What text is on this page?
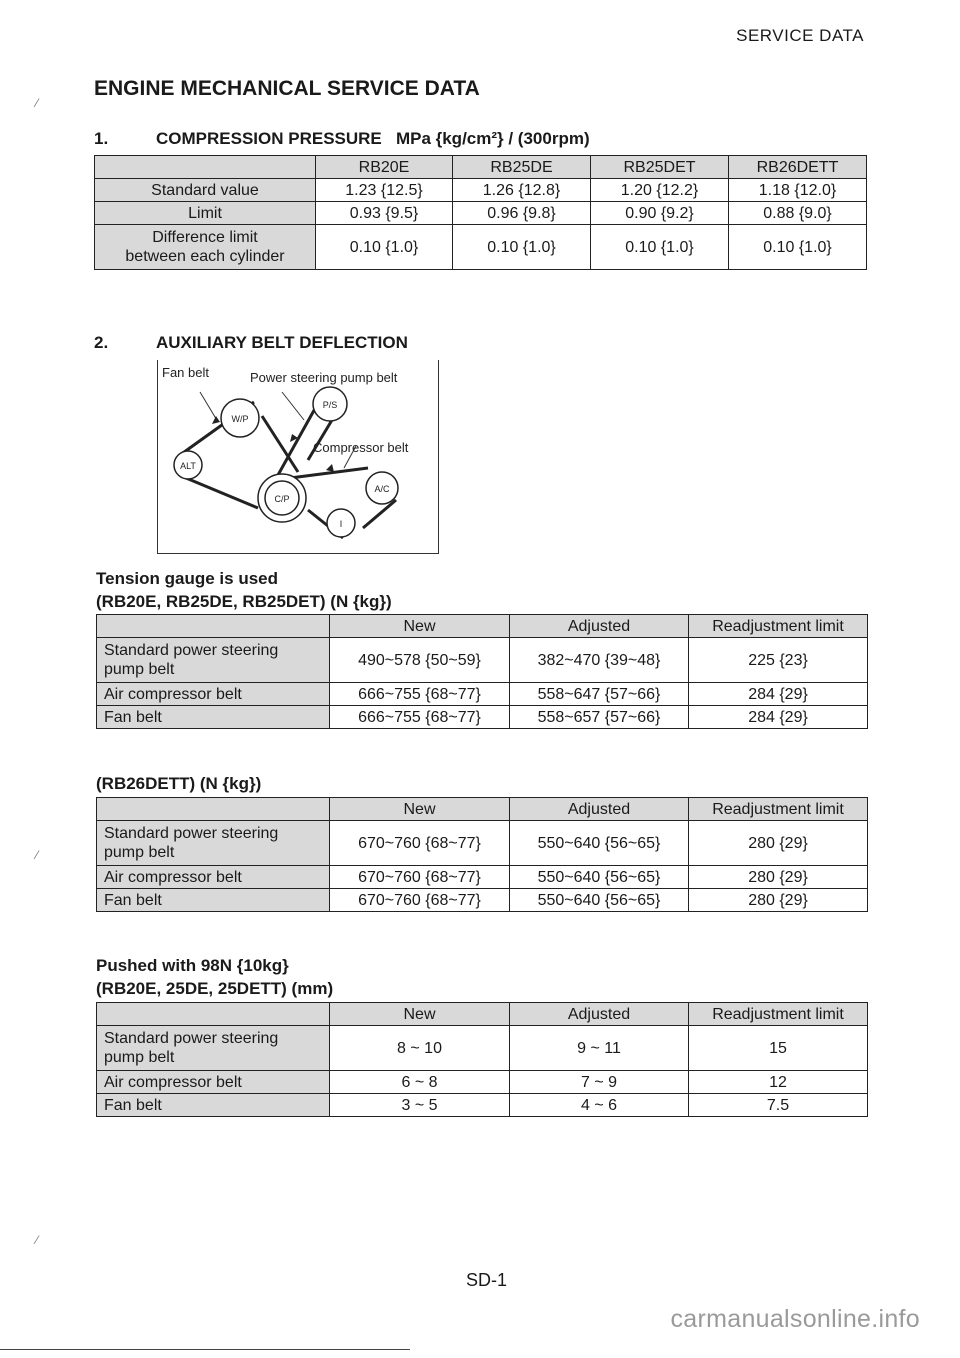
SERVICE DATA
ENGINE MECHANICAL SERVICE DATA
1.	COMPRESSION PRESSURE MPa {kg/cm²} / (300rpm)
	RB20E	RB25DE	RB25DET	RB26DETT
Standard value	1.23 {12.5}	1.26 {12.8}	1.20 {12.2}	1.18 {12.0}
Limit	0.93 {9.5}	0.96 {9.8}	0.90 {9.2}	0.88 {9.0}

Difference limit
between each cylinder	0.10 {1.0}	0.10 {1.0}	0.10 {1.0}	0.10 {1.0}
2.	AUXILIARY BELT DEFLECTION
W/P
P/S
ALT
C/P
A/C
I
Fan belt	Power steering pump belt
Compressor belt
Tension gauge is used
(RB20E, RB25DE, RB25DET) (N {kg})
	New	Adjusted	Readjustment limit

Standard power steering
pump belt	490~578 {50~59}	382~470 {39~48}	225 {23}
Air compressor belt	666~755 {68~77}	558~647 {57~66}	284 {29}
Fan belt	666~755 {68~77}	558~657 {57~66}	284 {29}
(RB26DETT) (N {kg})
	New	Adjusted	Readjustment limit

Standard power steering
pump belt	670~760 {68~77}	550~640 {56~65}	280 {29}
Air compressor belt	670~760 {68~77}	550~640 {56~65}	280 {29}
Fan belt	670~760 {68~77}	550~640 {56~65}	280 {29}
Pushed with 98N {10kg}
(RB20E, 25DE, 25DETT) (mm)
	New	Adjusted	Readjustment limit

Standard power steering
pump belt	8 ~ 10	9 ~ 11	15
Air compressor belt	6 ~ 8	7 ~ 9	12
Fan belt	3 ~ 5	4 ~ 6	7.5
⁄
⁄
⁄
SD-1
carmanualsonline.info
